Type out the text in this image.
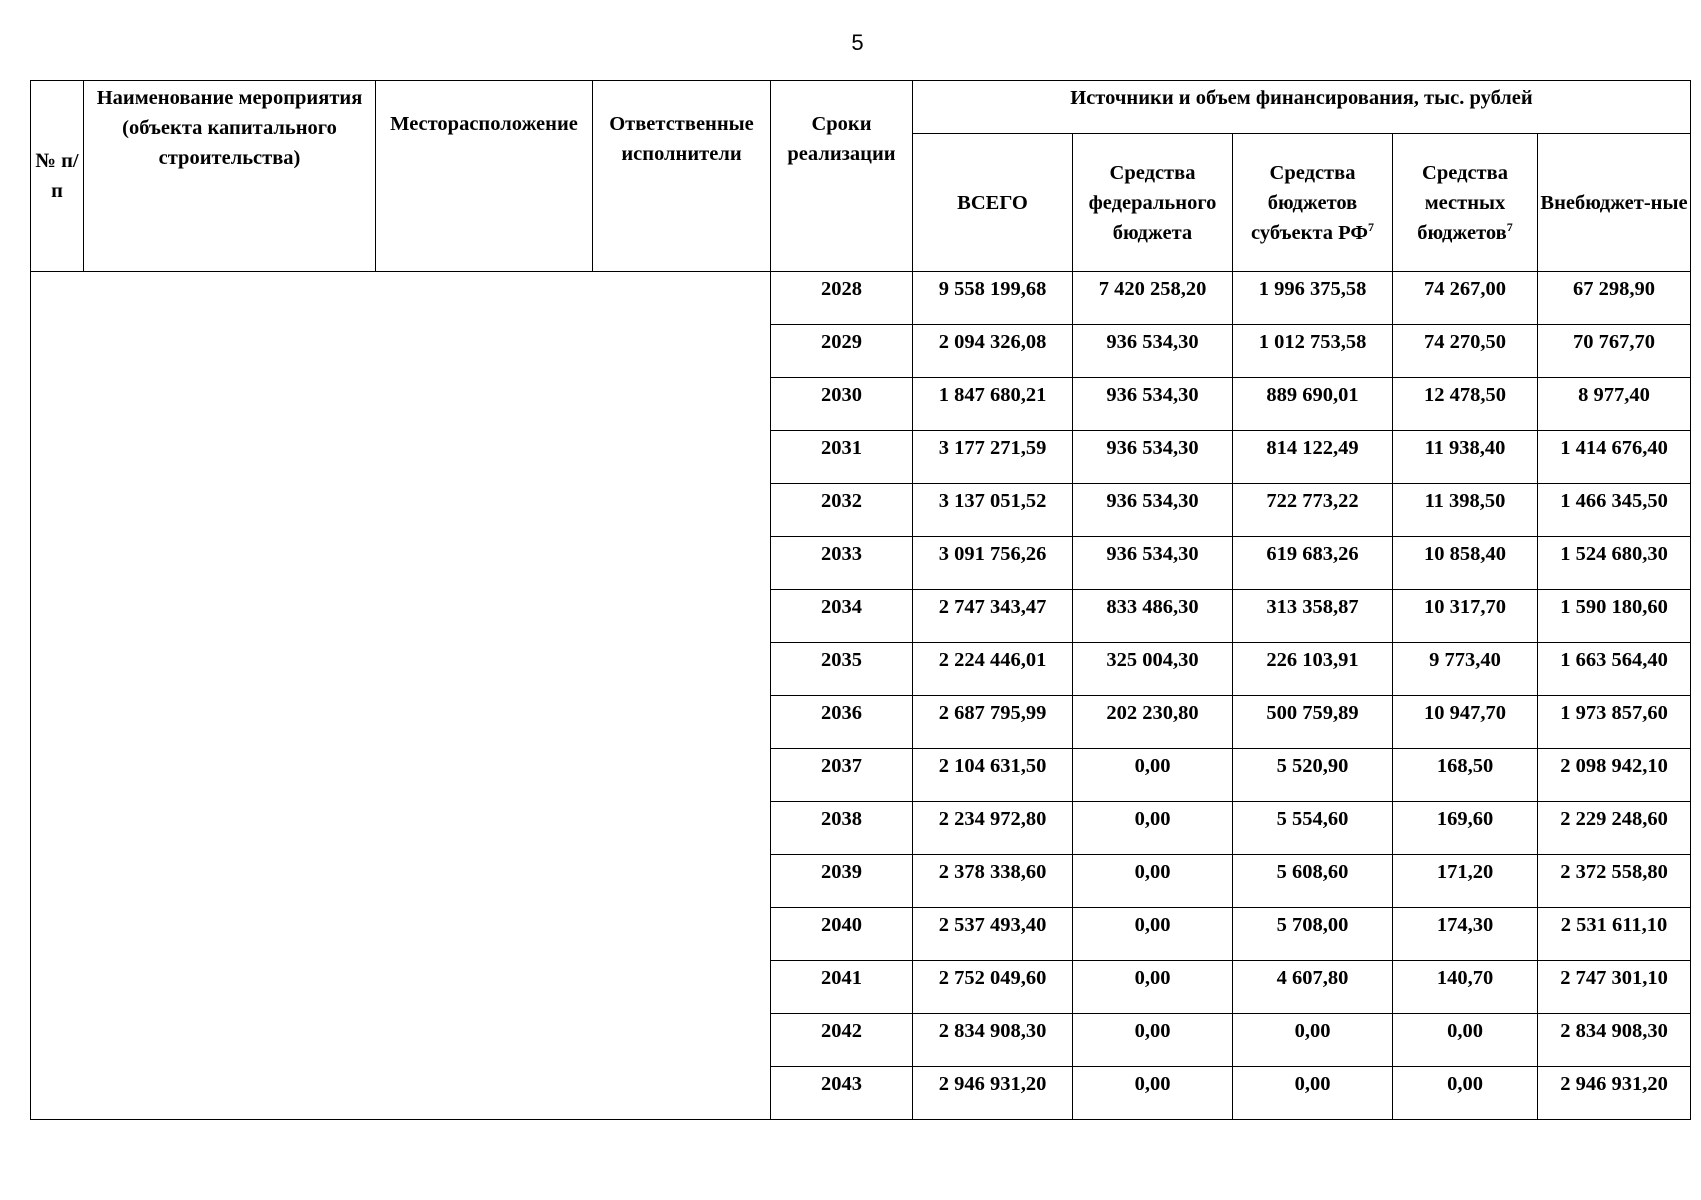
5
№ п/п	Наименование мероприятия (объекта капитального строительства)	Месторасположение	Ответственные исполнители	Сроки реализации	Источники и объем финансирования, тыс. рублей				
					ВСЕГО	Средства федерального бюджета	Средства бюджетов субъекта $РФ^7$	Средства местных бюджетов$^7$	Внебюджет-ные
				2028	9 558 199,68	7 420 258,20	1 996 375,58	74 267,00	67 298,90
				2029	2 094 326,08	936 534,30	1 012 753,58	74 270,50	70 767,70
				2030	1 847 680,21	936 534,30	889 690,01	12 478,50	8 977,40
				2031	3 177 271,59	936 534,30	814 122,49	11 938,40	1 414 676,40
				2032	3 137 051,52	936 534,30	722 773,22	11 398,50	1 466 345,50
				2033	3 091 756,26	936 534,30	619 683,26	10 858,40	1 524 680,30
				2034	2 747 343,47	833 486,30	313 358,87	10 317,70	1 590 180,60
				2035	2 224 446,01	325 004,30	226 103,91	9 773,40	1 663 564,40
				2036	2 687 795,99	202 230,80	500 759,89	10 947,70	1 973 857,60
				2037	2 104 631,50	0,00	5 520,90	168,50	2 098 942,10
				2038	2 234 972,80	0,00	5 554,60	169,60	2 229 248,60
				2039	2 378 338,60	0,00	5 608,60	171,20	2 372 558,80
				2040	2 537 493,40	0,00	5 708,00	174,30	2 531 611,10
				2041	2 752 049,60	0,00	4 607,80	140,70	2 747 301,10
				2042	2 834 908,30	0,00	0,00	0,00	2 834 908,30
				2043	2 946 931,20	0,00	0,00	0,00	2 946 931,20
